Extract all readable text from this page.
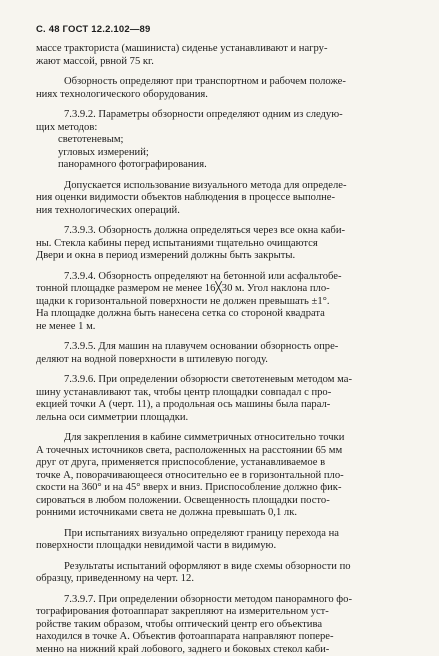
С. 48 ГОСТ 12.2.102—89
массе тракториста (машиниста) сиденье устанавливают и нагру-
жают массой, рвной 75 кг.
Обзорность определяют при транспортном и рабочем положе-
ниях технологического оборудования.
7.3.9.2. Параметры обзорности определяют одним из следую-
щих методов:
светотеневым;
угловых измерений;
панорамного фотографирования.
Допускается использование визуального метода для определе-
ния оценки видимости объектов наблюдения в процессе выполне-
ния технологических операций.
7.3.9.3. Обзорность должна определяться через все окна каби-
ны. Стекла кабины перед испытаниями тщательно очищаются
Двери и окна в период измерений должны быть закрыты.
7.3.9.4. Обзорность определяют на бетонной или асфальтобе-
тонной площадке размером не менее 16╳30 м. Угол наклона пло-
щадки к горизонтальной поверхности не должен превышать ±1°.
На площадке должна быть нанесена сетка со стороной квадрата
не менее 1 м.
7.3.9.5. Для машин на плавучем основании обзорность опре-
деляют на водной поверхности в штилевую погоду.
7.3.9.6. При определении обзорюсти светотеневым методом ма-
шину устанавливают так, чтобы центр площадки совпадал с про-
екцией точки А (черт. 11), а продольная ось машины была парал-
лельна оси симметрии площадки.
Для закрепления в кабине симметричных относительно точки
А точечных источников света, расположенных на расстоянии 65 мм
друг от друга, применяется приспособление, устанавливаемое в
точке А, поворачивающееся относительно ее в горизонтальной пло-
скости на 360° и на 45° вверх и вниз. Приспособление должно фик-
сироваться в любом положении. Освещенность площадки посто-
ронними источниками света не должна превышать 0,1 лк.
При испытаниях визуально определяют границу перехода на
поверхности площадки невидимой части в видимую.
Результаты испытаний оформляют в виде схемы обзорности по
образцу, приведенному на черт. 12.
7.3.9.7. При определении обзорности методом панорамного фо-
тографирования фотоаппарат закрепляют на измерительном уст-
ройстве таким образом, чтобы оптический центр его объектива
находился в точке А. Объектив фотоаппарата направляют попере-
менно на нижний край лобового, заднего и боковых стекол каби-
